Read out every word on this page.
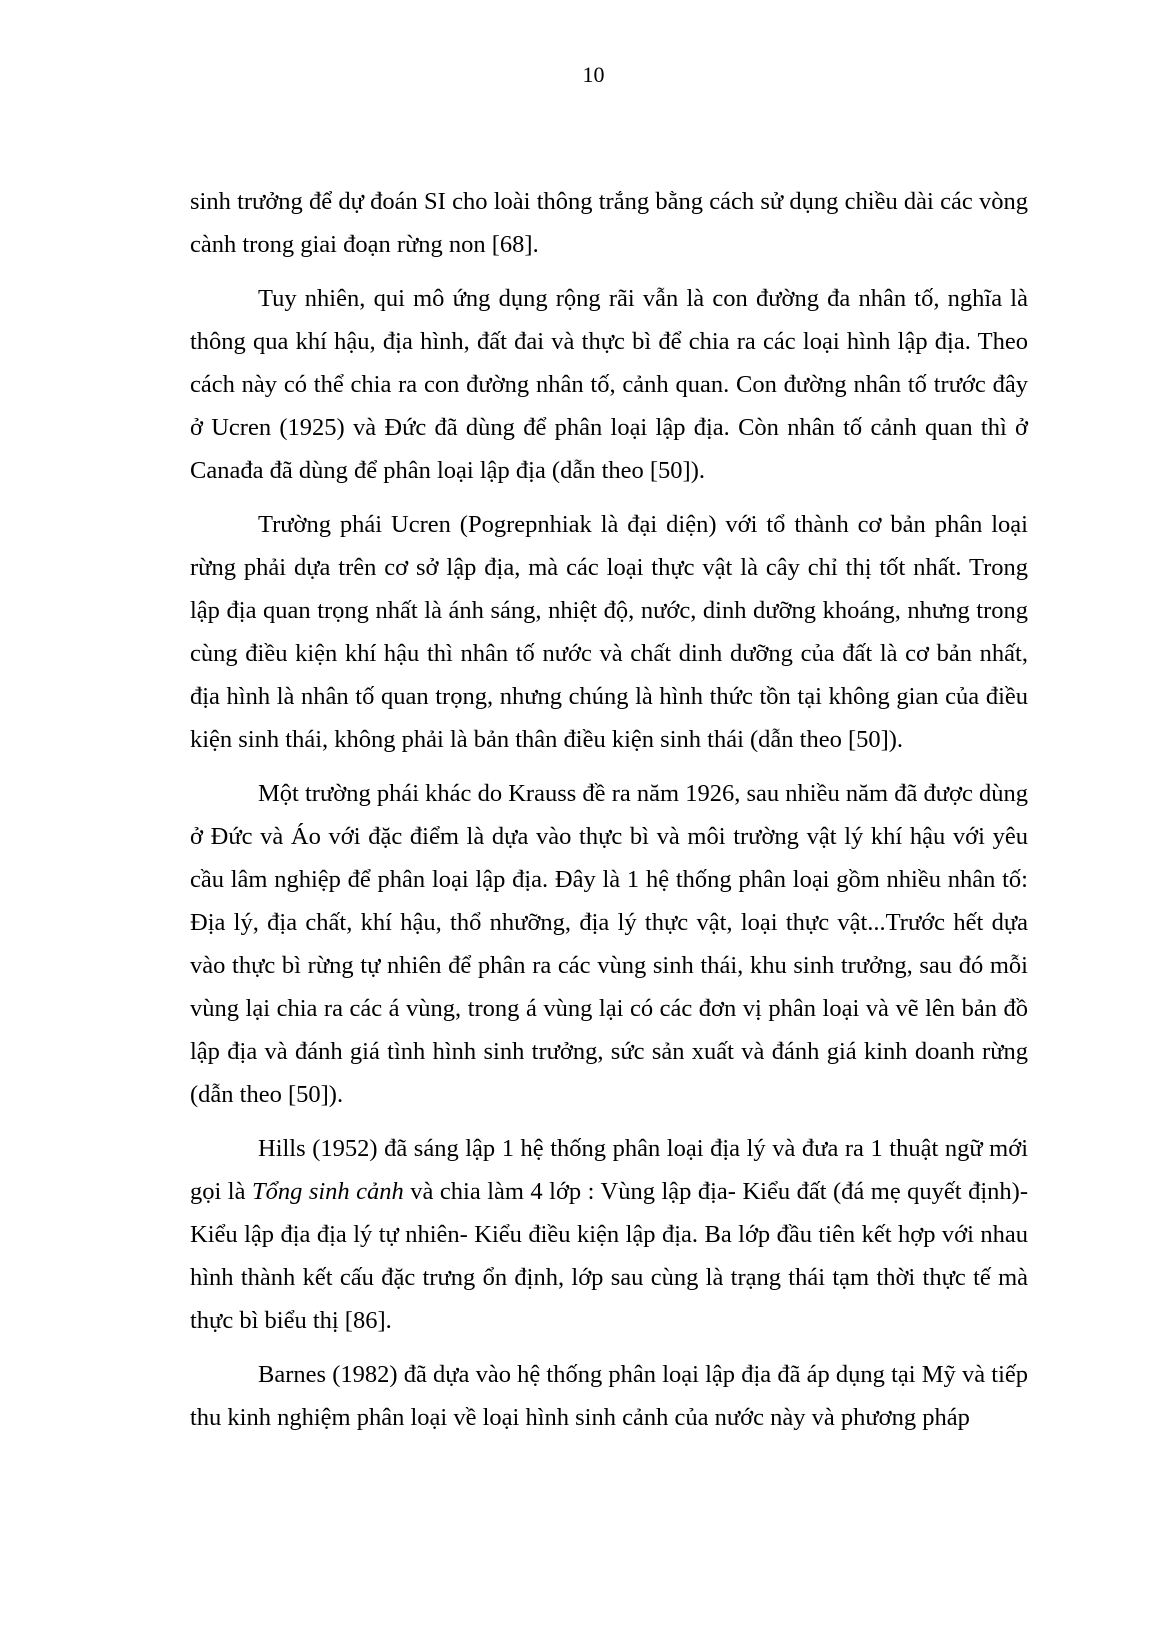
10

sinh trưởng để dự đoán SI cho loài thông trắng bằng cách sử dụng chiều dài các vòng cành trong giai đoạn rừng non [68].

Tuy nhiên, qui mô ứng dụng rộng rãi vẫn là con đường đa nhân tố, nghĩa là thông qua khí hậu, địa hình, đất đai và thực bì để chia ra các loại hình lập địa. Theo cách này có thể chia ra con đường nhân tố, cảnh quan. Con đường nhân tố trước đây ở Ucren (1925) và Đức đã dùng để phân loại lập địa. Còn nhân tố cảnh quan thì ở Canađa đã dùng để phân loại lập địa (dẫn theo [50]).

Trường phái Ucren (Pogrepnhiak là đại diện) với tổ thành cơ bản phân loại rừng phải dựa trên cơ sở lập địa, mà các loại thực vật là cây chỉ thị tốt nhất. Trong lập địa quan trọng nhất là ánh sáng, nhiệt độ, nước, dinh dưỡng khoáng, nhưng trong cùng điều kiện khí hậu thì nhân tố nước và chất dinh dưỡng của đất là cơ bản nhất, địa hình là nhân tố quan trọng, nhưng chúng là hình thức tồn tại không gian của điều kiện sinh thái, không phải là bản thân điều kiện sinh thái (dẫn theo [50]).

Một trường phái khác do Krauss đề ra năm 1926, sau nhiều năm đã được dùng ở Đức và Áo với đặc điểm là dựa vào thực bì và môi trường vật lý khí hậu với yêu cầu lâm nghiệp để phân loại lập địa. Đây là 1 hệ thống phân loại gồm nhiều nhân tố: Địa lý, địa chất, khí hậu, thổ nhưỡng, địa lý thực vật, loại thực vật...Trước hết dựa vào thực bì rừng tự nhiên để phân ra các vùng sinh thái, khu sinh trưởng, sau đó mỗi vùng lại chia ra các á vùng, trong á vùng lại có các đơn vị phân loại và vẽ lên bản đồ lập địa và đánh giá tình hình sinh trưởng, sức sản xuất và đánh giá kinh doanh rừng (dẫn theo [50]).

Hills (1952) đã sáng lập 1 hệ thống phân loại địa lý và đưa ra 1 thuật ngữ mới gọi là Tổng sinh cảnh và chia làm 4 lớp : Vùng lập địa- Kiểu đất (đá mẹ quyết định)- Kiểu lập địa địa lý tự nhiên- Kiểu điều kiện lập địa. Ba lớp đầu tiên kết hợp với nhau hình thành kết cấu đặc trưng ổn định, lớp sau cùng là trạng thái tạm thời thực tế mà thực bì biểu thị [86].

Barnes (1982) đã dựa vào hệ thống phân loại lập địa đã áp dụng tại Mỹ và tiếp thu kinh nghiệm phân loại về loại hình sinh cảnh của nước này và phương pháp
